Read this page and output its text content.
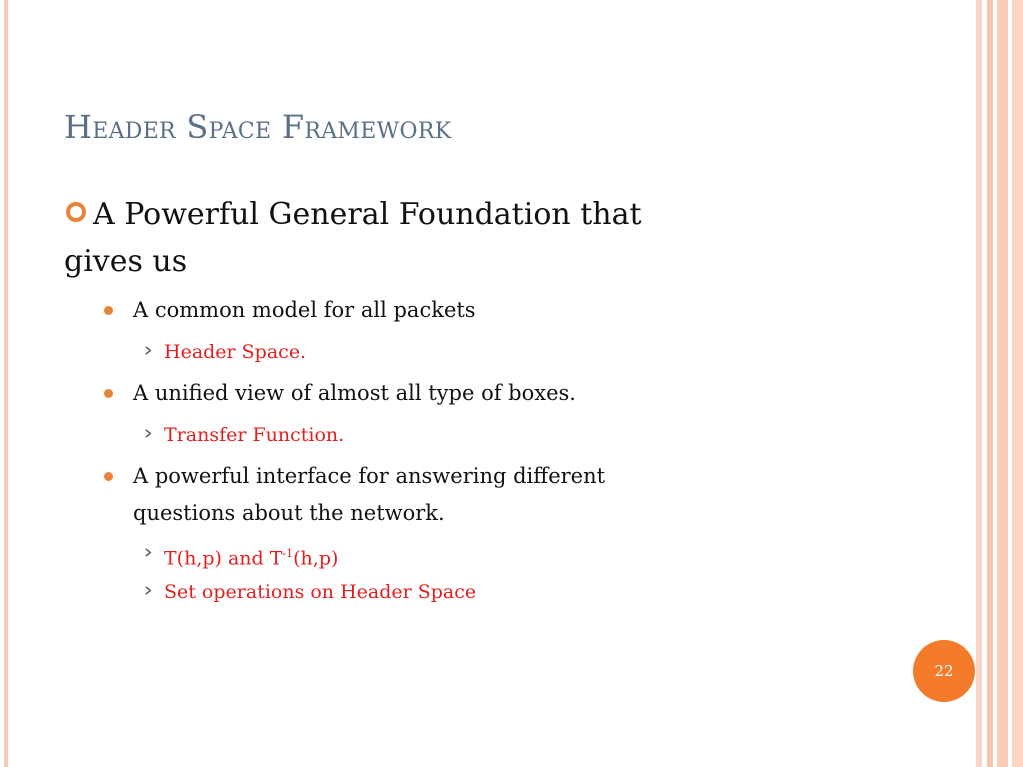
Header Space Framework
A Powerful General Foundation that
gives us
A common model for all packets
Header Space.
A unified view of almost all type of boxes.
Transfer Function.
A powerful interface for answering different
questions about the network.
T(h,p) and $T^{-1}(h,p)$
Set operations on Header Space
22
